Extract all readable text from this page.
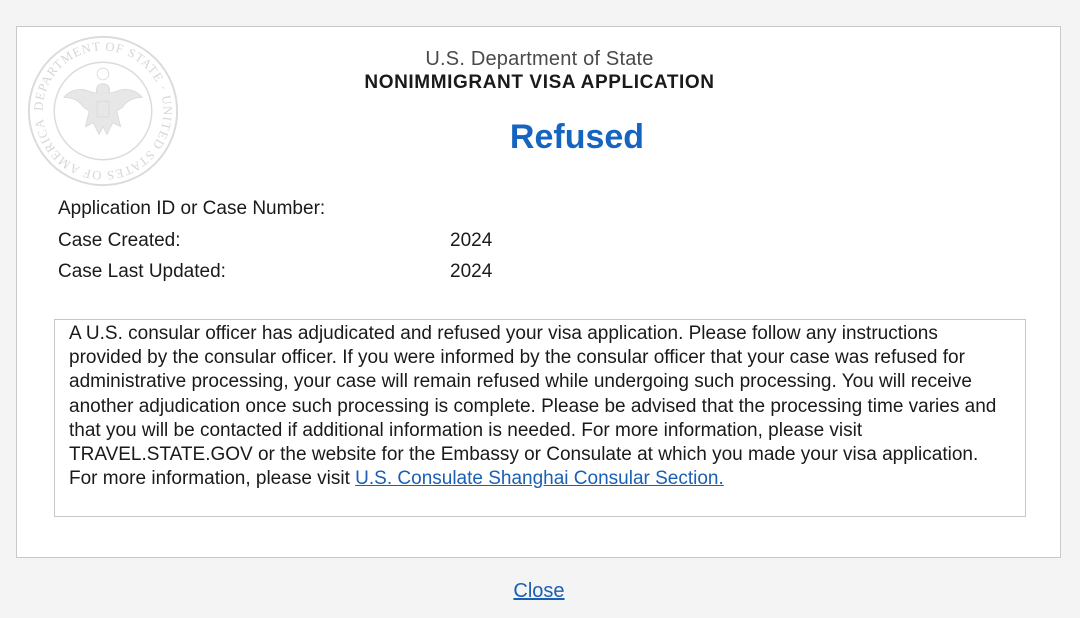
DEPARTMENT OF STATE · UNITED STATES OF AMERICA
U.S. Department of State
NONIMMIGRANT VISA APPLICATION
Refused
Application ID or Case Number:
Case Created:	2024
Case Last Updated:	2024

A U.S. consular officer has adjudicated and refused your visa application. Please follow any instructions provided by the consular officer. If you were informed by the consular officer that your case was refused for administrative processing, your case will remain refused while undergoing such processing. You will receive another adjudication once such processing is complete. Please be advised that the processing time varies and that you will be contacted if additional information is needed. For more information, please visit TRAVEL.STATE.GOV or the website for the Embassy or Consulate at which you made your visa application.

For more information, please visit U.S. Consulate Shanghai Consular Section.

Close
